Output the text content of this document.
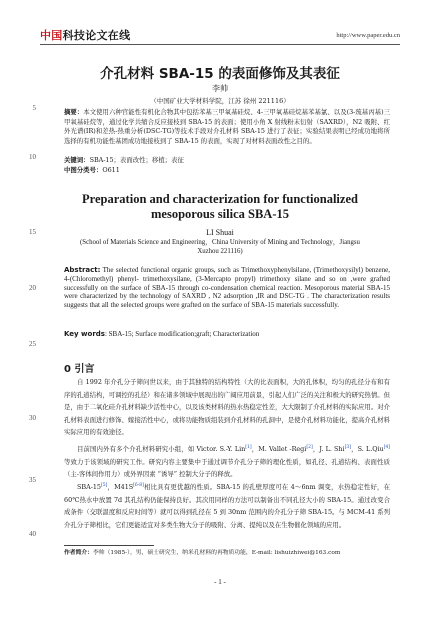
中国科技论文在线	http://www.paper.edu.cn
5
10
15
20
25
30
35
40
介孔材料 SBA-15 的表面修饰及其表征
李帅
（中国矿业大学材料学院，江苏 徐州 221116）
摘要：本文使用六种官能性有机化合物其中包括苯基三甲氧基硅烷、4-三甲氧基硅烷基苯基氯、以及(3-巯基丙基)三甲氧基硅烷等，通过化学共缩合反应接枝到 SBA-15 的表面；使用小角 X 射线粉末衍射（SAXRD），N2 吸附、红外光谱(IR)和差热-热重分析(DSC-TG)等技术手段对介孔材料 SBA-15 进行了表征；实验结果表明已经成功地将所选择的有机功能性基团成功地接枝到了 SBA-15 的表面，实现了对材料表面改性之目的。
关键词：SBA-15；表面改性；移植；表征
中图分类号：O611
Preparation and characterization for functionalized
mesoporous silica SBA-15
LI Shuai
(School of Materials Science and Engineering，China University of Mining and Technology，Jiangsu Xuzhou 221116)
Abstract: The selected functional organic groups, such as Trimethoxyphenylsilane, (Trimethoxysilyl) benzene, 4-(Chloromethyl) phenyl- trimethoxysilane, (3-Mercapto propyl) trimethoxy silane and so on ,were grafted successfully on the surface of SBA-15 through co-condensation chemical reaction. Mesoporous material SBA-15 were characterized by the technology of SAXRD , N2 adsorption ,IR and DSC-TG . The characterization results suggests that all the selected groups were grafted on the surface of SBA-15 materials successfully.
Key words: SBA-15; Surface modification;graft; Characterization
0 引言
自 1992 年介孔分子筛问世以来，由于其独特的结构特性（大的比表面积，大的孔体积，均匀的孔径分布和有序的孔道结构，可调控的孔径）和在诸多领域中展现出的广阔应用前景，引起人们广泛的关注和极大的研究热情。但是，由于二氧化硅介孔材料缺少活性中心，以及该类材料的热水热稳定性差，大大限制了介孔材料的实际应用。对介孔材料表面进行修饰、嫁接活性中心，或将功能物质组装到介孔材料的孔洞中，是使介孔材料功能化，提高介孔材料实际应用的有效途径。
目前国内外有多个介孔材料研究小组，如 Victor. S.-Y. Lin[1]，M. Vallet -Regi[2]，J. L. Shi[3]，S. L.Qiu[4]等致力于该领域的研究工作。研究内容主要集中于通过调节介孔分子筛的理化性质，如孔径、孔道结构、表面性质（主-客体间作用力）或外界因素 “诱导” 控制大分子的释放。
SBA-15[5]，M41S[6-8]相比具有更优越的性质。SBA-15 的孔壁厚度可在 4～6nm 调变，水热稳定性好，在 60℃热水中放置 7d 其孔结构仍能保持良好。其次用同样的方法可以制备出不同孔径大小的 SBA-15。通过改变合成条件（交联温度和反应时间等）就可以得到孔径在 5 到 30nm 范围内的介孔分子筛 SBA-15。与 MCM-41 系列介孔分子筛相比，它们更能适宜对多类生物大分子的吸附、分离、提纯以及在生物催化领域的应用。
作者简介：李帅（1985-），男，硕士研究生，纳米孔材料的再物质功能，E-mail: lishuizhiwei@163.com
- 1 -
